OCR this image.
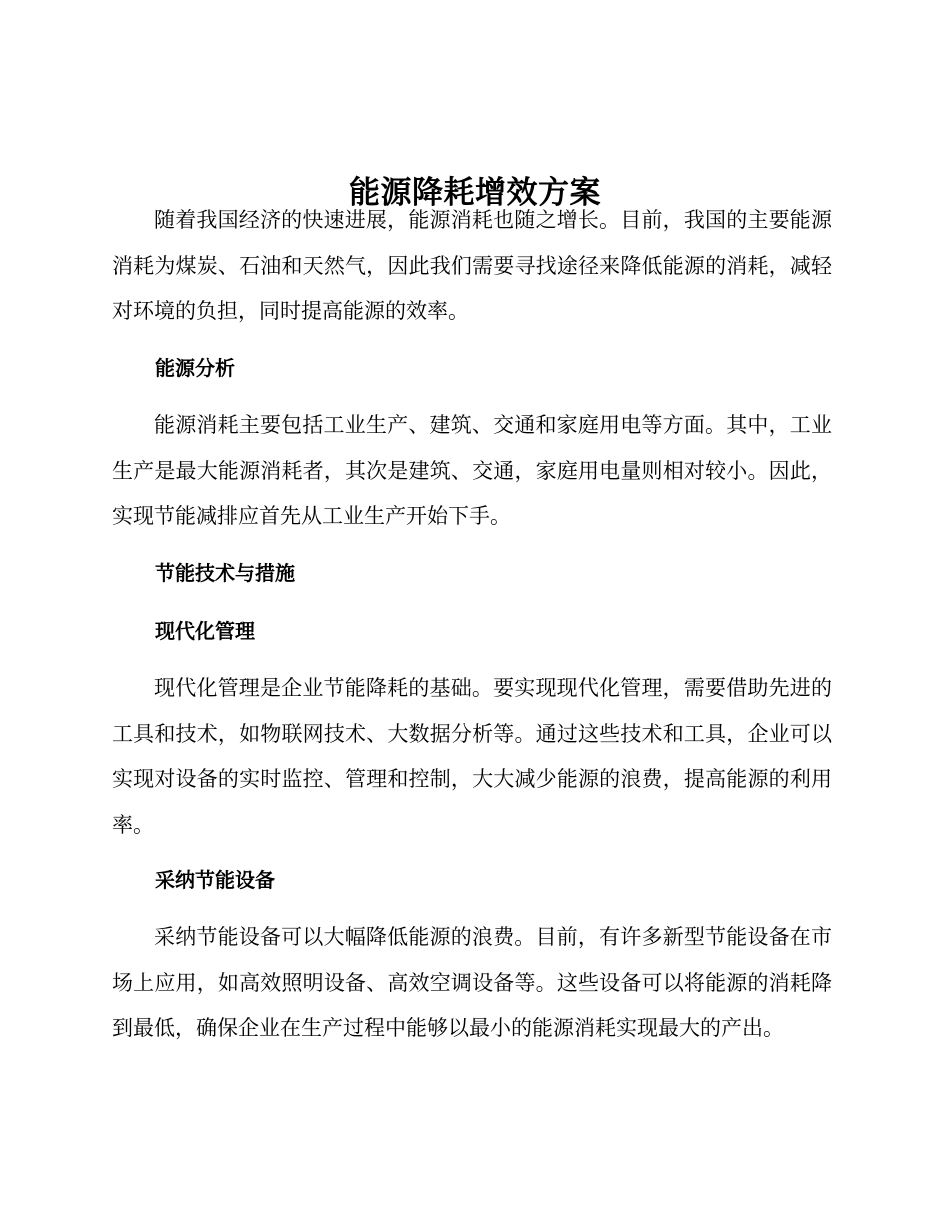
能源降耗增效方案

随着我国经济的快速进展，能源消耗也随之增长。目前，我国的主要能源消耗为煤炭、石油和天然气，因此我们需要寻找途径来降低能源的消耗，减轻对环境的负担，同时提高能源的效率。

能源分析

能源消耗主要包括工业生产、建筑、交通和家庭用电等方面。其中，工业生产是最大能源消耗者，其次是建筑、交通，家庭用电量则相对较小。因此，实现节能减排应首先从工业生产开始下手。

节能技术与措施
现代化管理

现代化管理是企业节能降耗的基础。要实现现代化管理，需要借助先进的工具和技术，如物联网技术、大数据分析等。通过这些技术和工具，企业可以实现对设备的实时监控、管理和控制，大大减少能源的浪费，提高能源的利用率。

采纳节能设备

采纳节能设备可以大幅降低能源的浪费。目前，有许多新型节能设备在市场上应用，如高效照明设备、高效空调设备等。这些设备可以将能源的消耗降到最低，确保企业在生产过程中能够以最小的能源消耗实现最大的产出。
